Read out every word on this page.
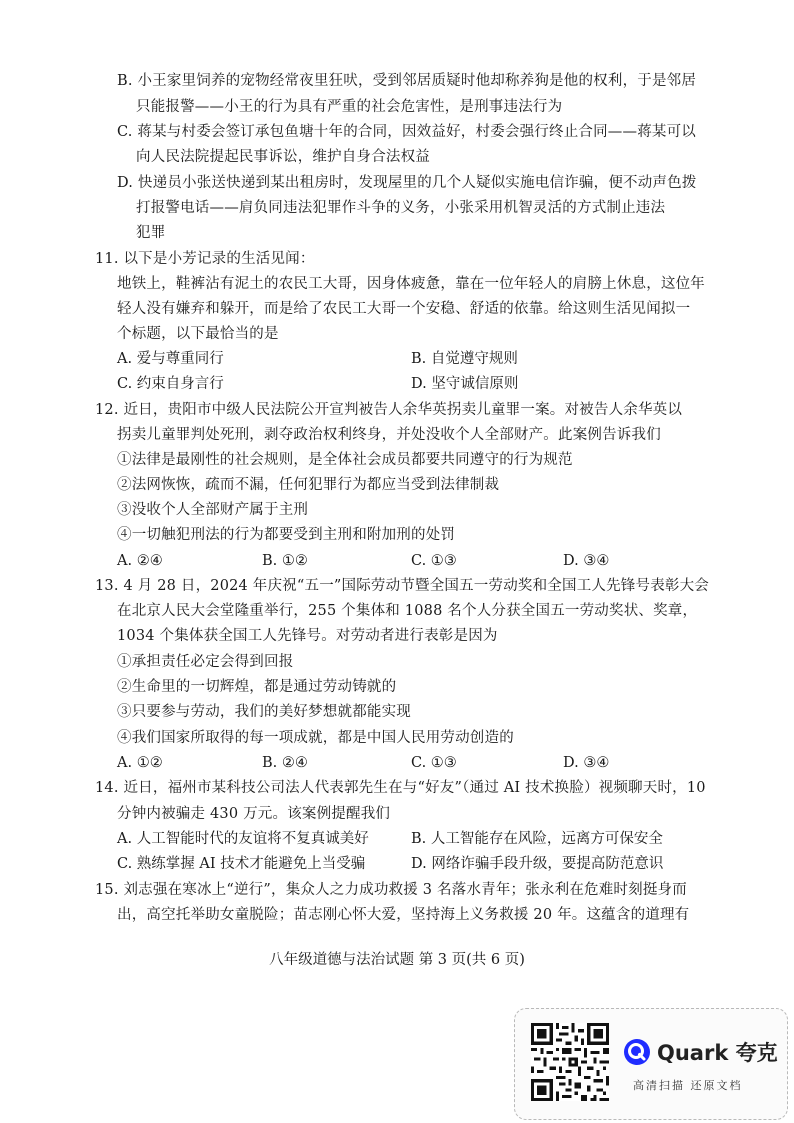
B. 小王家里饲养的宠物经常夜里狂吠，受到邻居质疑时他却称养狗是他的权利，于是邻居
只能报警——小王的行为具有严重的社会危害性，是刑事违法行为
C. 蒋某与村委会签订承包鱼塘十年的合同，因效益好，村委会强行终止合同——蒋某可以
向人民法院提起民事诉讼，维护自身合法权益
D. 快递员小张送快递到某出租房时，发现屋里的几个人疑似实施电信诈骗，便不动声色拨
打报警电话——肩负同违法犯罪作斗争的义务，小张采用机智灵活的方式制止违法
犯罪
11. 以下是小芳记录的生活见闻：
地铁上，鞋裤沾有泥土的农民工大哥，因身体疲惫，靠在一位年轻人的肩膀上休息，这位年
轻人没有嫌弃和躲开，而是给了农民工大哥一个安稳、舒适的依靠。给这则生活见闻拟一
个标题，以下最恰当的是
A. 爱与尊重同行	B. 自觉遵守规则
C. 约束自身言行	D. 坚守诚信原则
12. 近日，贵阳市中级人民法院公开宣判被告人余华英拐卖儿童罪一案。对被告人余华英以
拐卖儿童罪判处死刑，剥夺政治权利终身，并处没收个人全部财产。此案例告诉我们
①法律是最刚性的社会规则，是全体社会成员都要共同遵守的行为规范
②法网恢恢，疏而不漏，任何犯罪行为都应当受到法律制裁
③没收个人全部财产属于主刑
④一切触犯刑法的行为都要受到主刑和附加刑的处罚
A. ②④	B. ①②	C. ①③	D. ③④
13. 4 月 28 日，2024 年庆祝“五一”国际劳动节暨全国五一劳动奖和全国工人先锋号表彰大会
在北京人民大会堂隆重举行，255 个集体和 1088 名个人分获全国五一劳动奖状、奖章，
1034 个集体获全国工人先锋号。对劳动者进行表彰是因为
①承担责任必定会得到回报
②生命里的一切辉煌，都是通过劳动铸就的
③只要参与劳动，我们的美好梦想就都能实现
④我们国家所取得的每一项成就，都是中国人民用劳动创造的
A. ①②	B. ②④	C. ①③	D. ③④
14. 近日，福州市某科技公司法人代表郭先生在与“好友”（通过 AI 技术换脸）视频聊天时，10
分钟内被骗走 430 万元。该案例提醒我们
A. 人工智能时代的友谊将不复真诚美好	B. 人工智能存在风险，远离方可保安全
C. 熟练掌握 AI 技术才能避免上当受骗	D. 网络诈骗手段升级，要提高防范意识
15. 刘志强在寒冰上“逆行”，集众人之力成功救援 3 名落水青年；张永利在危难时刻挺身而
出，高空托举助女童脱险；苗志刚心怀大爱，坚持海上义务救援 20 年。这蕴含的道理有
八年级道德与法治试题 第 3 页(共 6 页)
Quark 夸克
高清扫描 还原文档
